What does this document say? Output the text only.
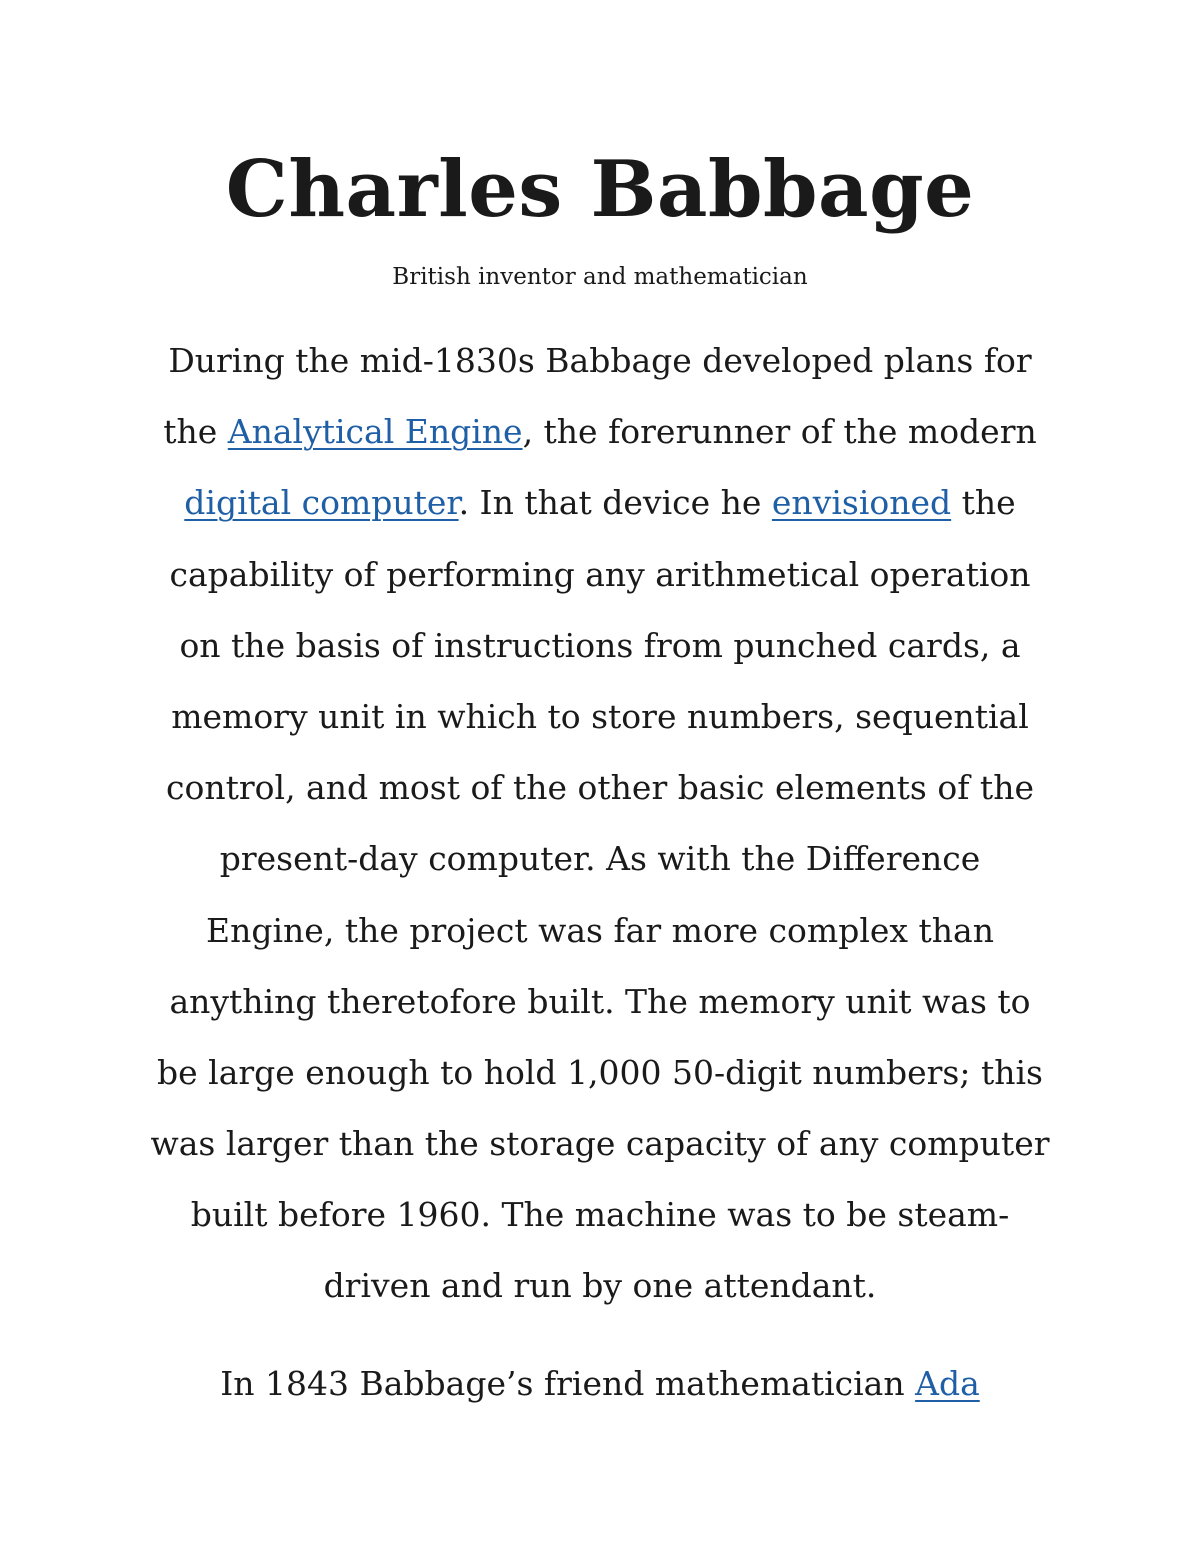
Charles Babbage
British inventor and mathematician
During the mid-1830s Babbage developed plans for
the Analytical Engine, the forerunner of the modern
digital computer. In that device he envisioned the
capability of performing any arithmetical operation
on the basis of instructions from punched cards, a
memory unit in which to store numbers, sequential
control, and most of the other basic elements of the
present-day computer. As with the Difference
Engine, the project was far more complex than
anything theretofore built. The memory unit was to
be large enough to hold 1,000 50-digit numbers; this
was larger than the storage capacity of any computer
built before 1960. The machine was to be steam-
driven and run by one attendant.
In 1843 Babbage’s friend mathematician Ada
